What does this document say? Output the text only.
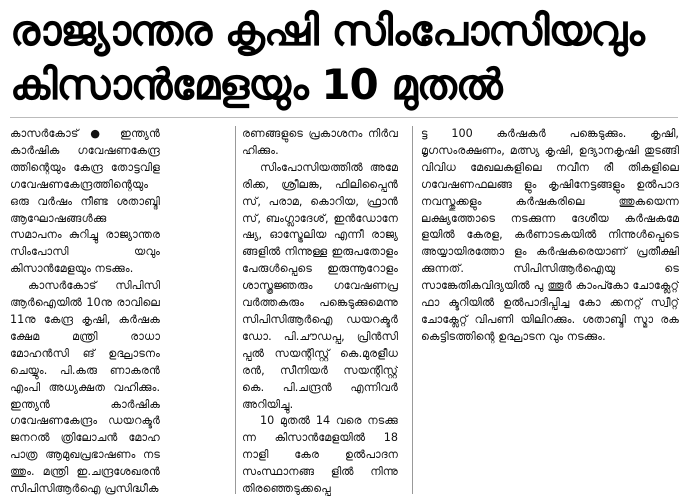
രാജ്യാന്തര കൃഷി സിംപോസിയവും
കിസാൻമേളയും 10 മുതൽ
കാസർകോട് ● ഇന്ത്യൻ കാർഷിക ഗവേഷണകേന്ദ്ര ത്തിന്റെയും കേന്ദ്ര തോട്ടവിള ഗവേഷണകേന്ദ്രത്തിന്റെയും ഒരു വർഷം നീണ്ട ശതാബ്ദി ആഘോഷങ്ങൾക്കു സമാപനം കുറിച്ചു രാജ്യാന്തര സിംപോസി യവും കിസാൻമേളയും നടക്കും.
കാസർകോട് സിപിസി ആർഐയിൽ 10നു രാവിലെ 11നു കേന്ദ്ര കൃഷി, കർഷക ക്ഷേമ മന്ത്രി രാധാ മോഹൻസി ങ് ഉദ്ഘാടനം ചെയ്യും. പി.കരു ണാകരൻ എംപി അധ്യക്ഷത വഹിക്കും. ഇന്ത്യൻ കാർഷിക ഗവേഷണകേന്ദ്രം ഡയറക്ടർ ജനറൽ ത്രിലോചൻ മോഹ പാത്ര ആമുഖപ്രഭാഷണം നട ത്തും. മന്ത്രി ഇ.ചന്ദ്രശേഖരൻ സിപിസിആർഐ പ്രസിദ്ധീക
രണങ്ങളുടെ പ്രകാശനം നിർവ ഹിക്കും.
സിംപോസിയത്തിൽ അമേ രിക്ക, ശ്രീലങ്ക, ഫിലിപ്പൈൻ സ്, പരാമ, കൊറിയ, ഫ്രാൻ സ്, ബംഗ്ലാദേശ്, ഇൻഡോനേ ഷ്യ, ഓസ്ട്രേലിയ എന്നീ രാജ്യ ങ്ങളിൽ നിന്നുള്ള ഇരുപതോളം പേരുൾപ്പെടെ ഇരുന്നൂറോളം ശാസ്ത്രജ്ഞരും ഗവേഷണപ്ര വർത്തകരും പങ്കെടുക്കുമെന്നു സിപിസിആർഐ ഡയറക്ടർ ഡോ. പി.ചൗഡപ്പ, പ്രിൻസി പ്പൽ സയന്റിസ്റ്റ് കെ.മുരളീധ രൻ, സീനിയർ സയന്റിസ്റ്റ് കെ. പി.ചന്ദ്രൻ എന്നിവർ അറിയിച്ചു.
10 മുതൽ 14 വരെ നടക്കു ന്ന കിസാൻമേളയിൽ 18 നാളി കേര ഉൽപാദന സംസ്ഥാനങ്ങ ളിൽ നിന്നു തിരഞ്ഞെടുക്കപ്പെ
ട്ട 100 കർഷകർ പങ്കെടുക്കും. കൃഷി, മൃഗസംരക്ഷണം, മത്സ്യ കൃഷി, ഉദ്യാനകൃഷി തുടങ്ങി വിവിധ മേഖലകളിലെ നവീന രീ തികളിലെ ഗവേഷണഫലങ്ങ ളും കൃഷിനേട്ടങ്ങളും ഉൽപാദ നവസ്തുക്കളും കർഷകരിലെ ത്തുകയെന്ന ലക്ഷ്യത്തോടെ നടക്കുന്ന ദേശീയ കർഷകമേ ളയിൽ കേരള, കർണാടകയിൽ നിന്നുൾപ്പെടെ അയ്യായിരത്തോ ളം കർഷകരെയാണ് പ്രതീക്ഷി ക്കുന്നത്. സിപിസിആർഐയു ടെ സാങ്കേതികവിദ്യയിൽ പു ത്തൂർ കാംപ്കോ ചോക്ലേറ്റ് ഫാ ക്ടറിയിൽ ഉൽപാദിപ്പിച്ച കോ ക്കനറ്റ് സ്വീറ്റ് ചോക്ലേറ്റ് വിപണി യിലിറക്കും. ശതാബ്ദി സ്മാ രക കെട്ടിടത്തിന്റെ ഉദ്ഘാടന വും നടക്കും.
